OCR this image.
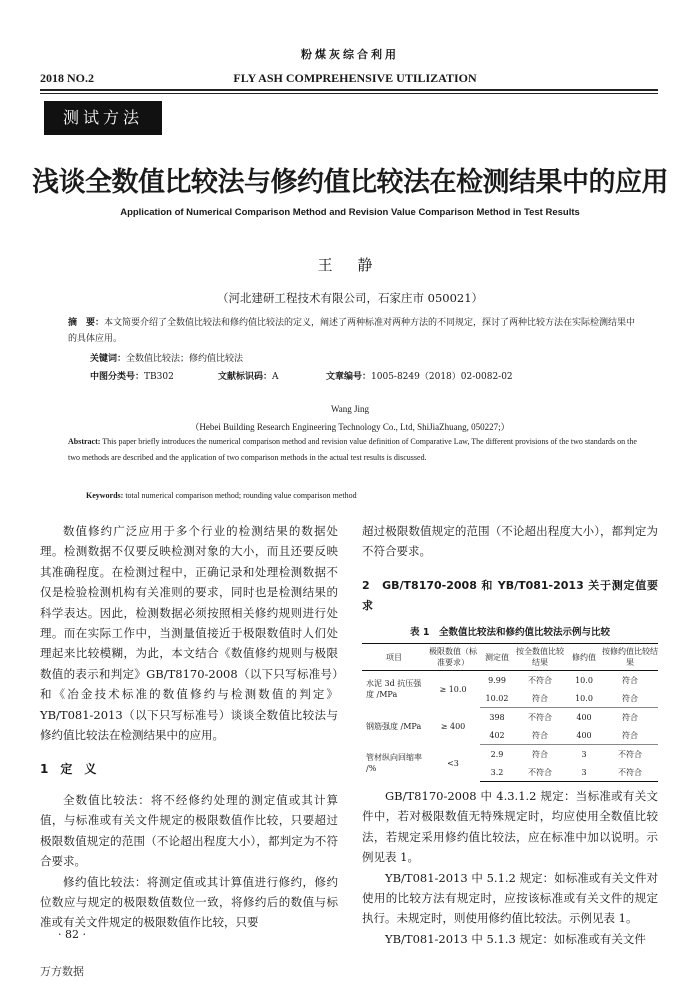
粉煤灰综合利用
2018 NO.2	FLY ASH COMPREHENSIVE UTILIZATION
测试方法
浅谈全数值比较法与修约值比较法在检测结果中的应用
Application of Numerical Comparison Method and Revision Value Comparison Method in Test Results
王 静
（河北建研工程技术有限公司，石家庄市 050021）
摘　要：本文简要介绍了全数值比较法和修约值比较法的定义，阐述了两种标准对两种方法的不同规定，探讨了两种比较方法在实际检测结果中的具体应用。
关键词：全数值比较法；修约值比较法
中图分类号：TB302	文献标识码：A	文章编号：1005-8249（2018）02-0082-02
Wang Jing
（Hebei Building Research Engineering Technology Co., Ltd, ShiJiaZhuang, 050227;）
Abstract: This paper briefly introduces the numerical comparison method and revision value definition of Comparative Law, The different provisions of the two standards on the two methods are described and the application of two comparison methods in the actual test results is discussed.
Keywords: total numerical comparison method; rounding value comparison method

数值修约广泛应用于多个行业的检测结果的数据处理。检测数据不仅要反映检测对象的大小，而且还要反映其准确程度。在检测过程中，正确记录和处理检测数据不仅是检验检测机构有关准则的要求，同时也是检测结果的科学表达。因此，检测数据必须按照相关修约规则进行处理。而在实际工作中，当测量值接近于极限数值时人们处理起来比较模糊，为此，本文结合《数值修约规则与极限数值的表示和判定》GB/T8170-2008（以下只写标准号）和《冶金技术标准的数值修约与检测数值的判定》YB/T081-2013（以下只写标准号）谈谈全数值比较法与修约值比较法在检测结果中的应用。

1　定　义

全数值比较法：将不经修约处理的测定值或其计算值，与标准或有关文件规定的极限数值作比较，只要超过极限数值规定的范围（不论超出程度大小），都判定为不符合要求。

修约值比较法：将测定值或其计算值进行修约，修约位数应与规定的极限数值数位一致，将修约后的数值与标准或有关文件规定的极限数值作比较，只要

超过极限数值规定的范围（不论超出程度大小），都判定为不符合要求。

2　GB/T8170-2008 和 YB/T081-2013 关于测定值要求

表 1　全数值比较法和修约值比较法示例与比较

项目	极限数值（标准要求）	测定值	按全数值比较结果	修约值	按修约值比较结果
水泥 3d 抗压强度 /MPa	≥ 10.0	9.99	不符合	10.0	符合
		10.02	符合	10.0	符合
钢筋强度 /MPa	≥ 400	398	不符合	400	符合
		402	符合	400	符合
管材纵向回缩率 /%	<3	2.9	符合	3	不符合
		3.2	不符合	3	不符合

GB/T8170-2008 中 4.3.1.2 规定：当标准或有关文件中，若对极限数值无特殊规定时，均应使用全数值比较法，若规定采用修约值比较法，应在标准中加以说明。示例见表 1。

YB/T081-2013 中 5.1.2 规定：如标准或有关文件对使用的比较方法有规定时，应按该标准或有关文件的规定执行。未规定时，则使用修约值比较法。示例见表 1。

YB/T081-2013 中 5.1.3 规定：如标准或有关文件

· 82 ·
万方数据
